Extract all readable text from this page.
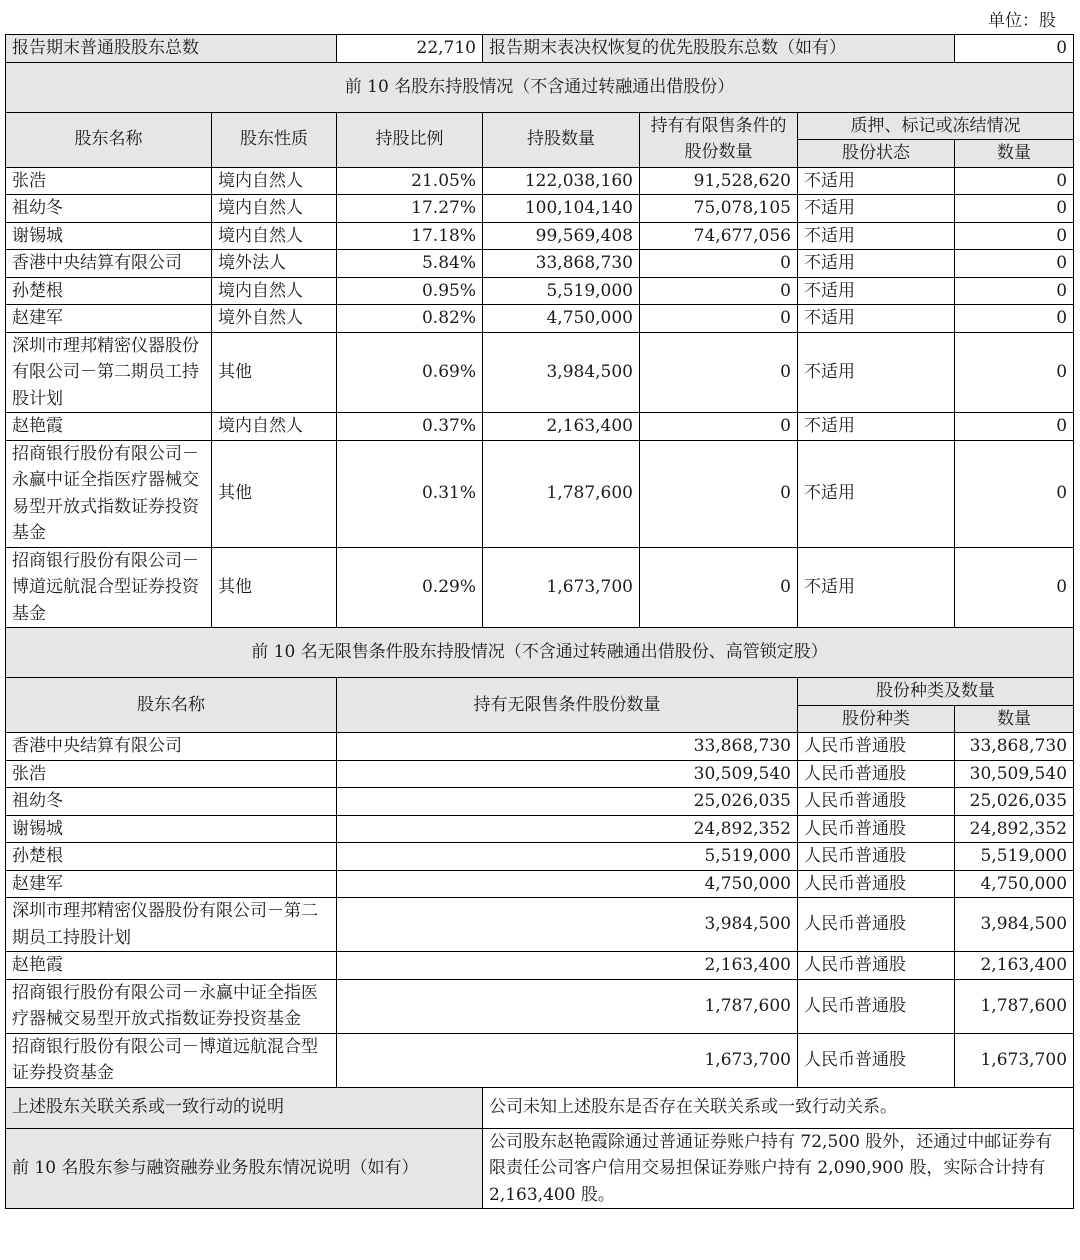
单位：股
报告期末普通股股东总数		22,710	报告期末表决权恢复的优先股股东总数（如有）			0
前 10 名股东持股情况（不含通过转融通出借股份）						
股东名称	股东性质	持股比例	持股数量	持有有限售条件的股份数量	质押、标记或冻结情况	
					股份状态	数量
张浩	境内自然人	21.05%	122,038,160	91,528,620	不适用	0
祖幼冬	境内自然人	17.27%	100,104,140	75,078,105	不适用	0
谢锡城	境内自然人	17.18%	99,569,408	74,677,056	不适用	0
香港中央结算有限公司	境外法人	5.84%	33,868,730	0	不适用	0
孙楚根	境内自然人	0.95%	5,519,000	0	不适用	0
赵建军	境外自然人	0.82%	4,750,000	0	不适用	0
深圳市理邦精密仪器股份有限公司－第二期员工持股计划	其他	0.69%	3,984,500	0	不适用	0
赵艳霞	境内自然人	0.37%	2,163,400	0	不适用	0
招商银行股份有限公司－永赢中证全指医疗器械交易型开放式指数证券投资基金	其他	0.31%	1,787,600	0	不适用	0
招商银行股份有限公司－博道远航混合型证券投资基金	其他	0.29%	1,673,700	0	不适用	0
前 10 名无限售条件股东持股情况（不含通过转融通出借股份、高管锁定股）						
股东名称		持有无限售条件股份数量			股份种类及数量	
					股份种类	数量
香港中央结算有限公司		33,868,730			人民币普通股	33,868,730
张浩		30,509,540			人民币普通股	30,509,540
祖幼冬		25,026,035			人民币普通股	25,026,035
谢锡城		24,892,352			人民币普通股	24,892,352
孙楚根		5,519,000			人民币普通股	5,519,000
赵建军		4,750,000			人民币普通股	4,750,000
深圳市理邦精密仪器股份有限公司－第二期员工持股计划		3,984,500			人民币普通股	3,984,500
赵艳霞		2,163,400			人民币普通股	2,163,400
招商银行股份有限公司－永赢中证全指医疗器械交易型开放式指数证券投资基金		1,787,600			人民币普通股	1,787,600
招商银行股份有限公司－博道远航混合型证券投资基金		1,673,700			人民币普通股	1,673,700
上述股东关联关系或一致行动的说明			公司未知上述股东是否存在关联关系或一致行动关系。			
前 10 名股东参与融资融券业务股东情况说明（如有）			公司股东赵艳霞除通过普通证券账户持有 72,500 股外，还通过中邮证券有限责任公司客户信用交易担保证券账户持有 2,090,900 股，实际合计持有 2,163,400 股。			
